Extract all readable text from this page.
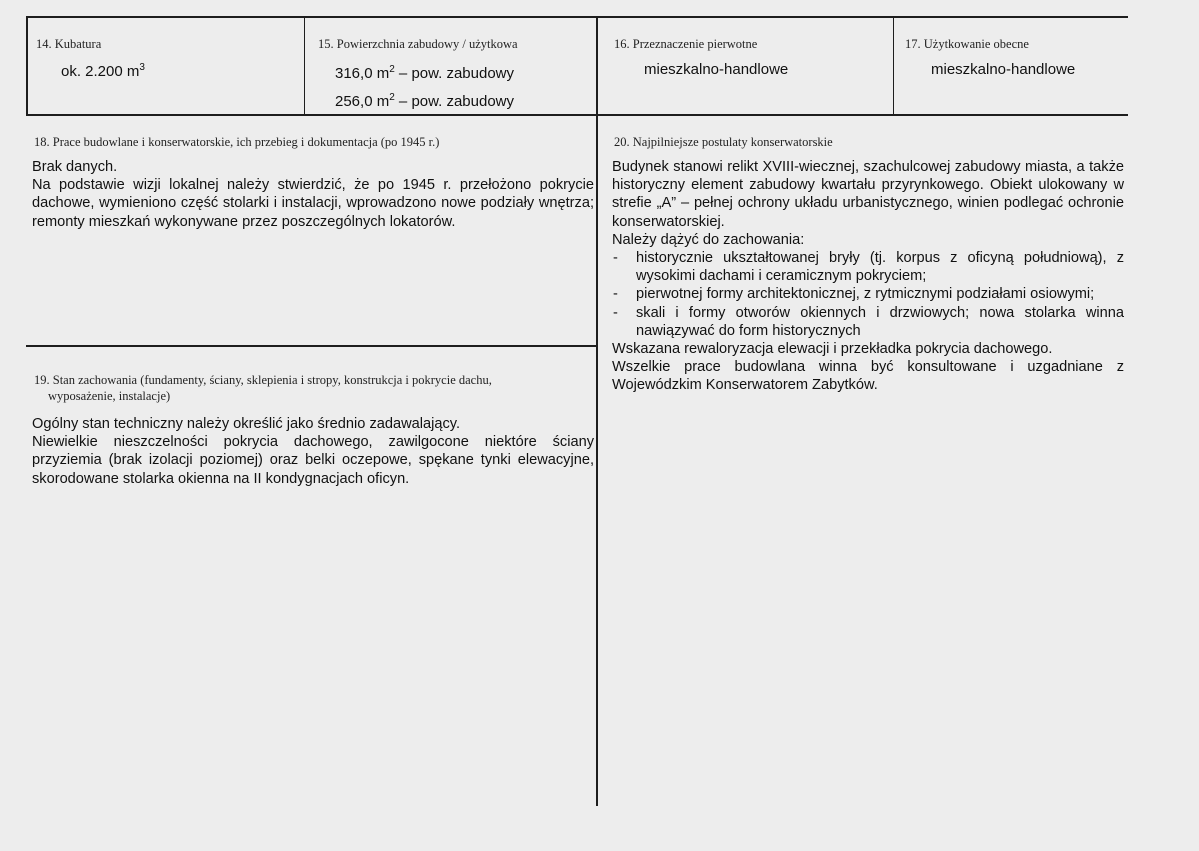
14. Kubatura
ok. 2.200 $m^3$
15. Powierzchnia zabudowy / użytkowa
316,0 $m^2$ – pow. zabudowy
256,0 $m^2$ – pow. zabudowy
16. Przeznaczenie pierwotne
mieszkalno-handlowe
17. Użytkowanie obecne
mieszkalno-handlowe
18. Prace budowlane i konserwatorskie, ich przebieg i dokumentacja (po 1945 r.)

Brak danych.

Na podstawie wizji lokalnej należy stwierdzić, że po 1945 r. przełożono pokrycie dachowe, wymieniono część stolarki i instalacji, wprowadzono nowe podziały wnętrza; remonty mieszkań wykonywane przez poszczególnych lokatorów.

19. Stan zachowania (fundamenty, ściany, sklepienia i stropy, konstrukcja i pokrycie dachu,
wyposażenie, instalacje)

Ogólny stan techniczny należy określić jako średnio zadawalający.

Niewielkie nieszczelności pokrycia dachowego, zawilgocone niektóre ściany przyziemia (brak izolacji poziomej) oraz belki oczepowe, spękane tynki elewacyjne, skorodowane stolarka okienna na II kondygnacjach oficyn.

20. Najpilniejsze postulaty konserwatorskie

Budynek stanowi relikt XVIII-wiecznej, szachulcowej zabudowy miasta, a także historyczny element zabudowy kwartału przyrynkowego. Obiekt ulokowany w strefie „A” – pełnej ochrony układu urbanistycznego, winien podlegać ochronie konserwatorskiej.

Należy dążyć do zachowania:

- historycznie ukształtowanej bryły (tj. korpus z oficyną południową), z wysokimi dachami i ceramicznym pokryciem;
- pierwotnej formy architektonicznej, z rytmicznymi podziałami osiowymi;
- skali i formy otworów okiennych i drzwiowych; nowa stolarka winna nawiązywać do form historycznych

Wskazana rewaloryzacja elewacji i przekładka pokrycia dachowego.

Wszelkie prace budowlana winna być konsultowane i uzgadniane z Wojewódzkim Konserwatorem Zabytków.
